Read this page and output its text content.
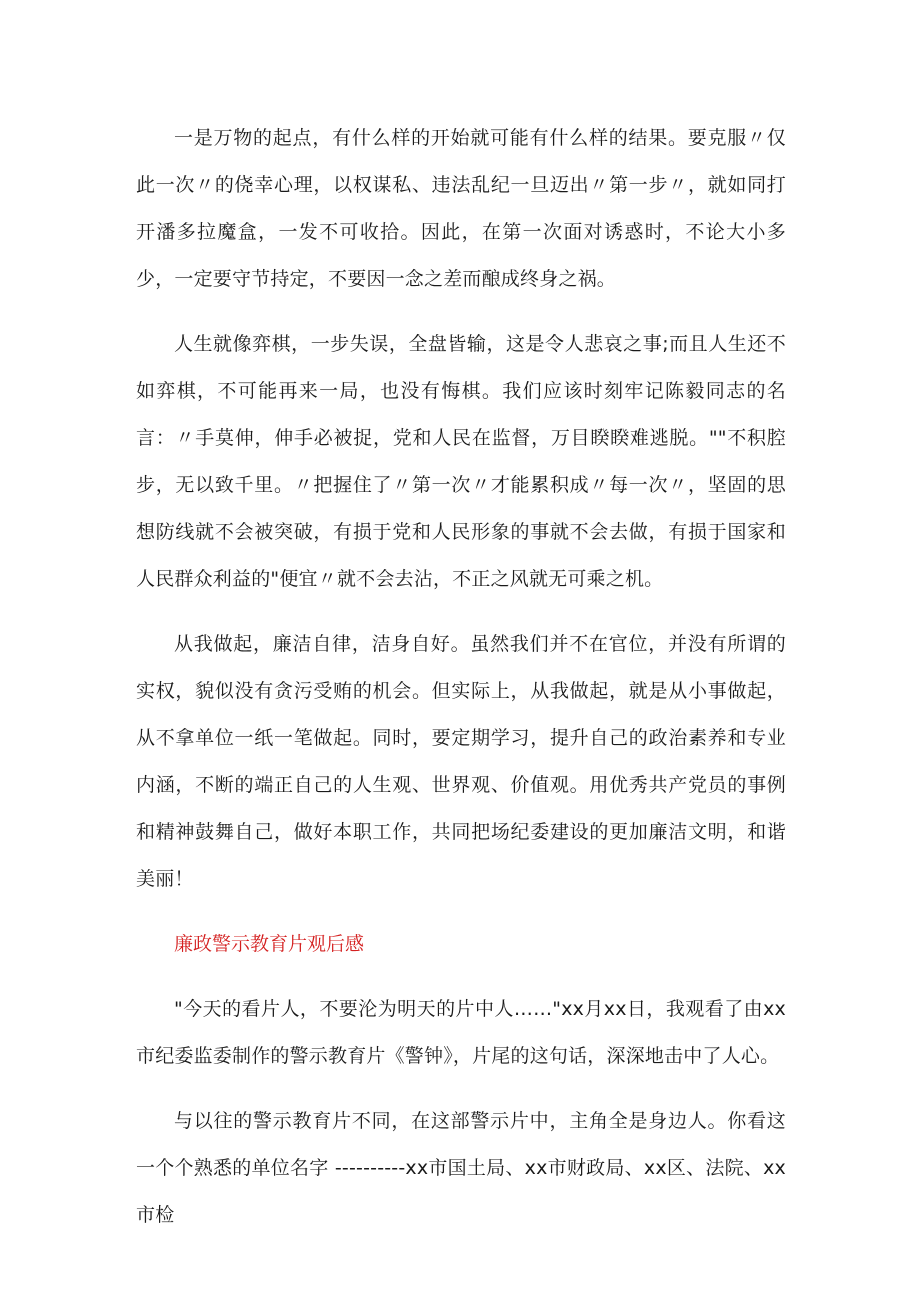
一是万物的起点，有什么样的开始就可能有什么样的结果。要克服〃仅此一次〃的侥幸心理，以权谋私、违法乱纪一旦迈出〃第一步〃，就如同打开潘多拉魔盒，一发不可收拾。因此，在第一次面对诱惑时，不论大小多少，一定要守节持定，不要因一念之差而酿成终身之祸。

人生就像弈棋，一步失误，全盘皆输，这是令人悲哀之事;而且人生还不如弈棋，不可能再来一局，也没有悔棋。我们应该时刻牢记陈毅同志的名言：〃手莫伸，伸手必被捉，党和人民在监督，万目睽睽难逃脱。""不积腔步，无以致千里。〃把握住了〃第一次〃才能累积成〃每一次〃，坚固的思想防线就不会被突破，有损于党和人民形象的事就不会去做，有损于国家和人民群众利益的"便宜〃就不会去沾，不正之风就无可乘之机。

从我做起，廉洁自律，洁身自好。虽然我们并不在官位，并没有所谓的实权，貌似没有贪污受贿的机会。但实际上，从我做起，就是从小事做起，从不拿单位一纸一笔做起。同时，要定期学习，提升自己的政治素养和专业内涵，不断的端正自己的人生观、世界观、价值观。用优秀共产党员的事例和精神鼓舞自己，做好本职工作，共同把场纪委建设的更加廉洁文明，和谐美丽！

廉政警示教育片观后感

"今天的看片人，不要沦为明天的片中人……"xx月xx日，我观看了由xx市纪委监委制作的警示教育片《警钟》，片尾的这句话，深深地击中了人心。

与以往的警示教育片不同，在这部警示片中，主角全是身边人。你看这一个个熟悉的单位名字 ----------xx市国土局、xx市财政局、xx区、法院、xx市检
